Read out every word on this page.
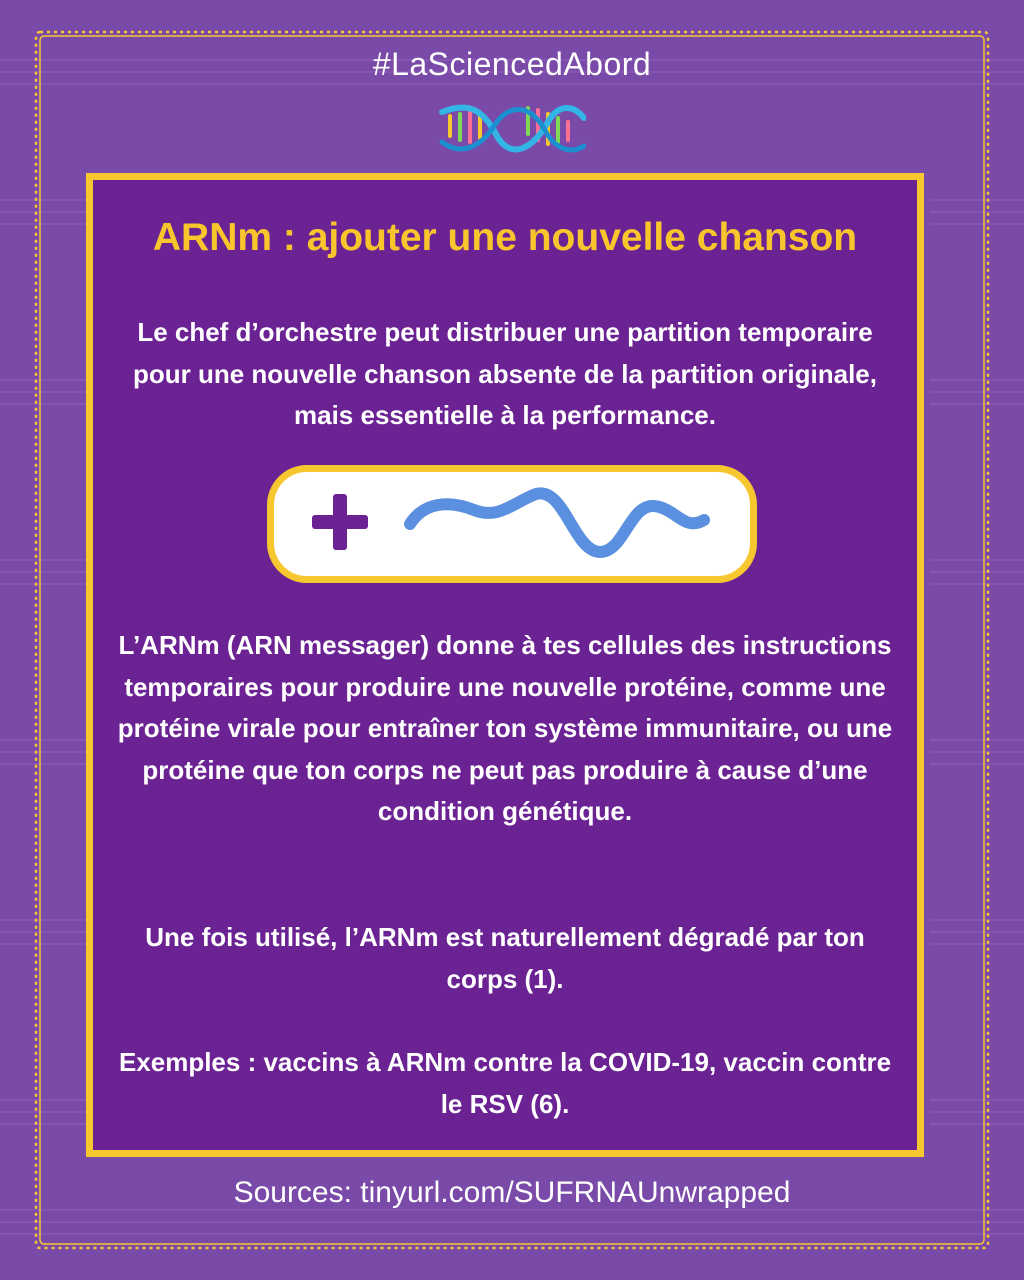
#LaSciencedAbord
ARNm : ajouter une nouvelle chanson
Le chef d’orchestre peut distribuer une partition temporaire pour une nouvelle chanson absente de la partition originale, mais essentielle à la performance.
L’ARNm (ARN messager) donne à tes cellules des instructions temporaires pour produire une nouvelle protéine, comme une protéine virale pour entraîner ton système immunitaire, ou une protéine que ton corps ne peut pas produire à cause d’une condition génétique.
Une fois utilisé, l’ARNm est naturellement dégradé par ton corps (1).
Exemples : vaccins à ARNm contre la COVID-19, vaccin contre le RSV (6).
Sources: tinyurl.com/SUFRNAUnwrapped
